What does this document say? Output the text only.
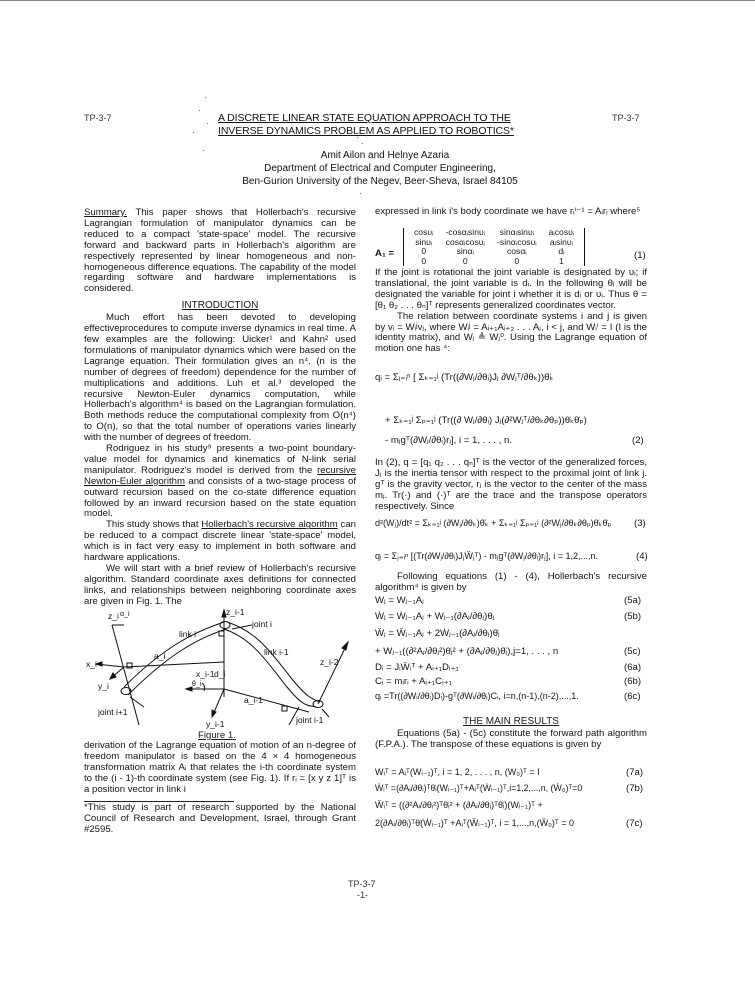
TP-3-7	TP-3-7
A DISCRETE LINEAR STATE EQUATION APPROACH TO THE
INVERSE DYNAMICS PROBLEM AS APPLIED TO ROBOTICS*
Amit Ailon and Helnye Azaria
Department of Electrical and Computer Engineering,
Ben-Gurion University of the Negev, Beer-Sheva, Israel 84105

Summary. This paper shows that Hollerbach's recursive Lagrangian formulation of manipulator dynamics can be reduced to a compact 'state-space' model. The recursive forward and backward parts in Hollerbach's algorithm are respectively represented by linear homogeneous and non-homogeneous difference equations. The capability of the model regarding software and hardware implementations is considered.

INTRODUCTION

Much effort has been devoted to developing effectiveprocedures to compute inverse dynamics in real time. A few examples are the following: Uicker¹ and Kahn² used formulations of manipulator dynamics which were based on the Lagrange equation. Their formulation gives an n⁴. (n is the number of degrees of freedom) dependence for the number of multiplications and additions. Luh et al.³ developed the recursive Newton-Euler dynamics computation, while Hollerbach's algorithm⁴ is based on the Lagrangian formulation. Both methods reduce the computational complexity from O(n⁴) to O(n), so that the total number of operations varies linearly with the number of degrees of freedom.

Rodriguez in his study⁹ presents a two-point boundary-value model for dynamics and kinematics of N-link serial manipulator. Rodriguez's model is derived from the recursive Newton-Euler algorithm and consists of a two-stage process of outward recursion based on the co-state difference equation followed by an inward recursion based on the state equation model.

This study shows that Hollerbach's recursive algorithm can be reduced to a compact discrete linear 'state-space' model, which is in fact very easy to implement in both software and hardware applications.

We will start with a brief review of Hollerbach's recursive algorithm. Standard coordinate axes definitions for connected links, and relationships between neighboring coordinate axes are given in Fig. 1. The

z_i α_i
link i
z_i-1
joint i
a_i	link i-1
x_i	z_i-2
y_i
x_i-1 d_i
θ_i
a_i-1
joint i+1
y_i-1	joint i-1
Figure 1.

derivation of the Lagrange equation of motion of an n-degree of freedom manipulator is based on the 4 × 4 homogeneous transformation matrix Aᵢ that relates the i-th coordinate system to the (i - 1)-th coordinate system (see Fig. 1). If rᵢ = [x y z 1]ᵀ is a position vector in link i

*This study is part of research supported by the National Council of Research and Development, Israel, through Grant #2595.

expressed in link i's body coordinate we have rᵢⁱ⁻¹ = Aᵢrᵢ where⁵

A₁ =
cosυᵢ	-cosαᵢsinυᵢ	sinαᵢsinυᵢ	aᵢcosυᵢ
sinυᵢ	cosαᵢcosυᵢ	-sinαᵢcosυᵢ	aᵢsinυᵢ
0	sinαᵢ	cosαᵢ	dᵢ
0	0	0	1	(1)

If the joint is rotational the joint variable is designated by υᵢ; if translational, the joint variable is dᵢ. In the following θᵢ will be designated the variable for joint i whether it is dᵢ or υᵢ. Thus θ = [θ₁ θ₂ . . . θₙ]ᵀ represents generalized coordinates vector.

The relation between coordinate systems i and j is given by vᵢ = Wᵢʲvⱼ, where Wᵢʲ = Aᵢ₊₁Aᵢ₊₂ . . . Aⱼ, i < j, and Wᵢⁱ = I (I is the identity matrix), and Wⱼ ≜ Wⱼ⁰. Using the Lagrange equation of motion one has ⁴:

qᵢ = Σⱼ₌ᵢⁿ [ Σₖ₌₁ʲ (Tr((∂Wⱼ/∂θᵢ)Jⱼ ∂Wⱼᵀ/∂θₖ))θ̈ₖ
+ Σₖ₌₁ʲ Σₚ₌₁ʲ (Tr((∂ Wⱼ/∂θᵢ) Jⱼ(∂²Wⱼᵀ/∂θₖ∂θₚ))θ̇ₖθ̇ₚ)
- mⱼgᵀ(∂Wⱼ/∂θᵢ)rⱼ], i = 1, . . . , n.	(2)

In (2), q = [q₁ q₂ . . . qₙ]ᵀ is the vector of the generalized forces, Jⱼ is the inertia tensor with respect to the proximal joint of link j. gᵀ is the gravity vector, rⱼ is the vector to the center of the mass mⱼ. Tr(·) and (·)ᵀ are the trace and the transpose operators respectively. Since

d²(Wⱼ)/dt² = Σₖ₌₁ʲ (∂Wⱼ/∂θₖ)θ̈ₖ + Σₖ₌₁ʲ Σₚ₌₁ʲ (∂²Wⱼ/∂θₖ∂θₚ)θ̇ₖθ̇ₚ (3)
qᵢ = Σⱼ₌ᵢⁿ [(Tr(∂Wⱼ/∂θᵢ)JⱼẄⱼᵀ) - mⱼgᵀ(∂Wⱼ/∂θᵢ)rⱼ], i = 1,2,...,n.	(4)

Following equations (1) - (4), Hollerbach's recursive algorithm⁴ is given by

Wⱼ = Wⱼ₋₁Aⱼ	(5a)
Ẇⱼ = Ẇⱼ₋₁Aⱼ + Wⱼ₋₁(∂Aⱼ/∂θⱼ)θⱼ	(5b)
Ẅⱼ = Ẅⱼ₋₁Aⱼ + 2Ẇⱼ₋₁(∂Aⱼ/∂θⱼ)θ̇ⱼ
+ Wⱼ₋₁((∂²Aⱼ/∂θⱼ²)θ̇ⱼ² + (∂Aⱼ/∂θⱼ)θ̈ⱼ),j=1, . . . , n	(5c)
Dᵢ = JᵢẄᵢᵀ + Aᵢ₊₁Dᵢ₊₁	(6a)
Cᵢ = mᵢrᵢ + Aᵢ₊₁Cᵢ₊₁	(6b)
qᵢ =Tr((∂Wᵢ/∂θᵢ)Dᵢ)-gᵀ(∂Wᵢ/∂θᵢ)Cᵢ, i=n,(n-1),(n-2),...,1.	(6c)
THE MAIN RESULTS

Equations (5a) - (5c) constitute the forward path algorithm (F.P.A.). The transpose of these equations is given by

Wᵢᵀ = Aᵢᵀ(Wᵢ₋₁)ᵀ, i = 1, 2, . . . , n, (W₀)ᵀ = I	(7a)
Ẇᵢᵀ =(∂Aᵢ/∂θᵢ)ᵀθ̇ᵢ(Wᵢ₋₁)ᵀ+Aᵢᵀ(Ẇᵢ₋₁)ᵀ,i=1,2,...,n, (Ẇ₀)ᵀ=0	(7b)
Ẅᵢᵀ = ((∂²Aᵢ/∂θᵢ²)ᵀθ̇ᵢ² + (∂Aᵢ/∂θᵢ)ᵀθ̈ᵢ)(Wᵢ₋₁)ᵀ +
2(∂Aᵢ/∂θᵢ)ᵀθ̇(Ẇᵢ₋₁)ᵀ +Aᵢᵀ(Ẅᵢ₋₁)ᵀ, i = 1,...,n,(Ẅ₀)ᵀ = 0	(7c)
TP-3-7
-1-
